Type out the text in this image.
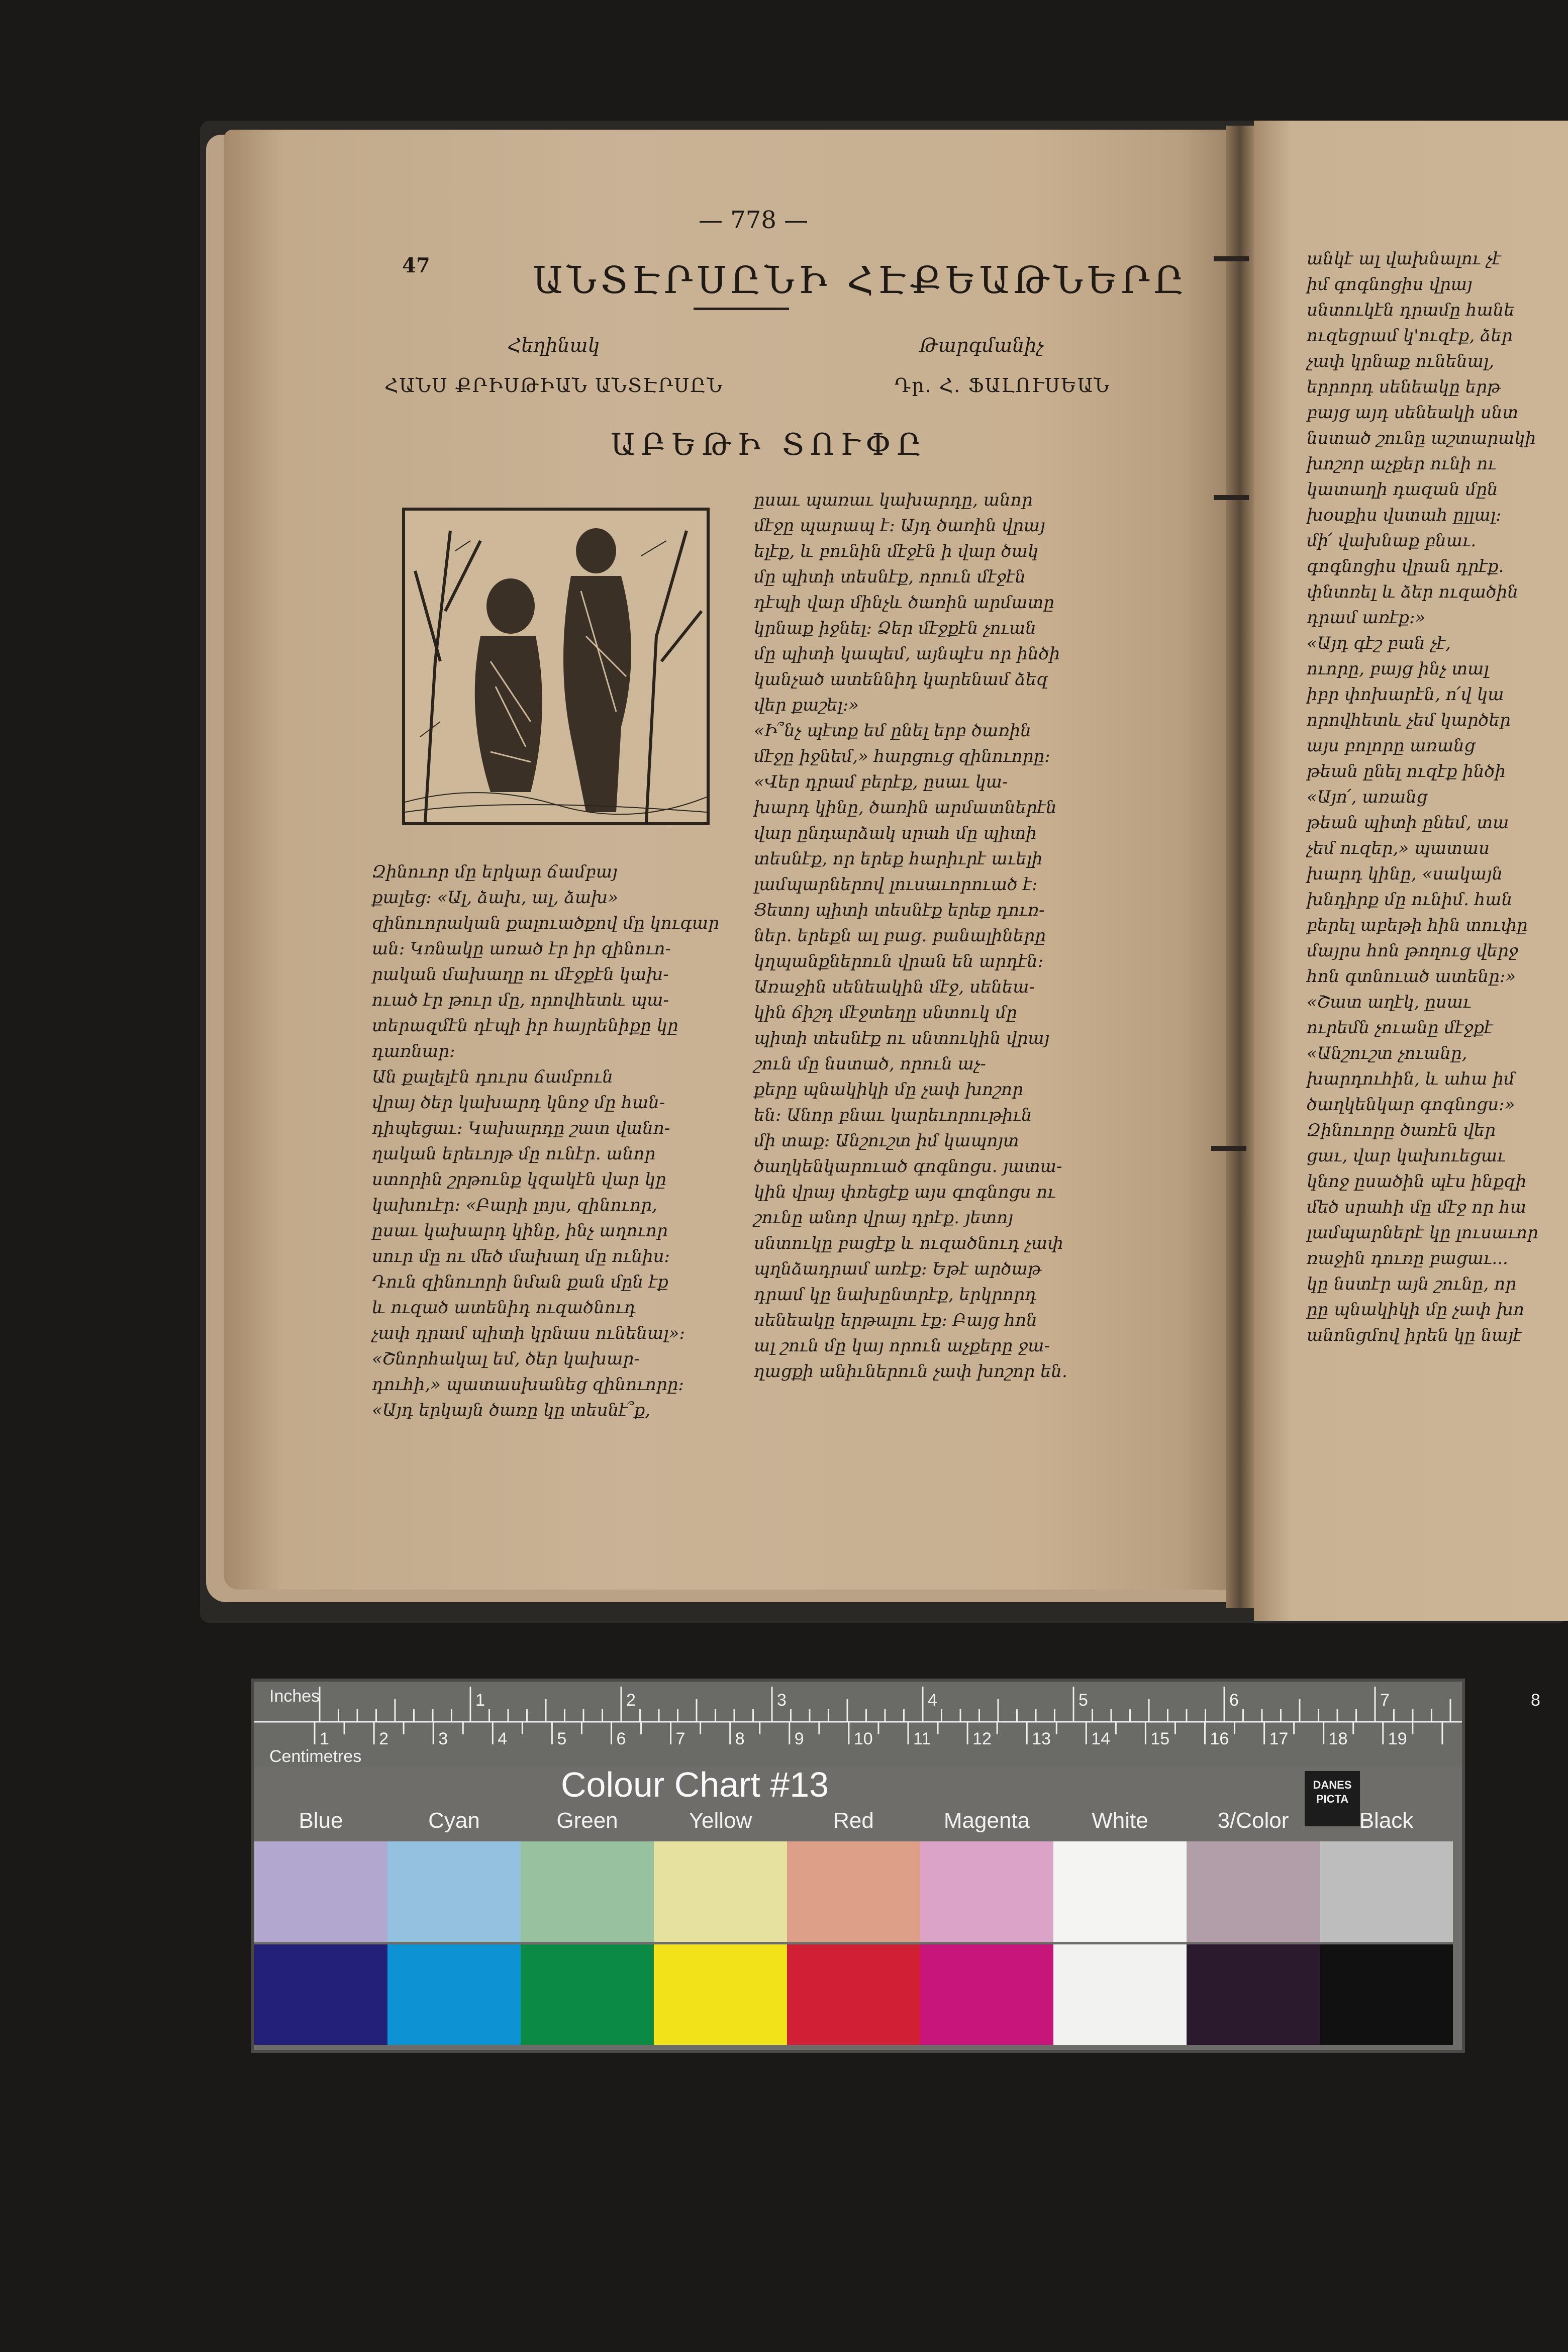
— 778 —
47	ԱՆՏԷՐՍԸՆԻ ՀԷՔԵԱԹՆԵՐԸ
Հեղինակ	Թարգմանիչ
ՀԱՆՍ ՔՐԻՍԹԻԱՆ ԱՆՏԷՐՍԸՆ	Դր. Հ. ՖԱԼՈՒՍԵԱՆ
ԱԲԵԹԻ ՏՈՒՓԸ
Զինուոր մը երկար ճամբայ
քալեց: «Ալ, ձախ, ալ, ձախ»
զինուորական քալուածքով մը կուգար
ան: Կռնակը առած էր իր զինուո-
րական մախաղը ու մէջքէն կախ-
ուած էր թուր մը, որովհետև պա-
տերազմէն դէպի իր հայրենիքը կը
դառնար:
Ան քալելէն դուրս ճամբուն
վրայ ծեր կախարդ կնոջ մը հան-
դիպեցաւ: Կախարդը շատ վանո-
ղական երեւոյթ մը ունէր. անոր
ստորին շրթունք կզակէն վար կը
կախուէր: «Բարի լոյս, զինուոր,
ըսաւ կախարդ կինը, ինչ աղուոր
սուր մը ու մեծ մախաղ մը ունիս:
Դուն զինուորի նման քան մըն էք
և ուզած ատենիդ ուզածնուդ
չափ դրամ պիտի կրնաս ունենալ»:
«Շնորհակալ եմ, ծեր կախար-
դուհի,» պատասխանեց զինուորը:
«Այդ երկայն ծառը կը տեսնէ՞ք,
ըսաւ պառաւ կախարդը, անոր
մէջը պարապ է: Այդ ծառին վրայ
ելէք, և բունին մէջէն ի վար ծակ
մը պիտի տեսնէք, որուն մէջէն
դէպի վար մինչև ծառին արմատը
կրնաք իջնել: Ձեր մէջքէն չուան
մը պիտի կապեմ, այնպէս որ ինծի
կանչած ատեննիդ կարենամ ձեզ
վեր քաշել:»
«Ի՞նչ պէտք եմ ընել երբ ծառին
մէջը իջնեմ,» հարցուց զինուորը:
«Վեր դրամ բերէք, ըսաւ կա-
խարդ կինը, ծառին արմատներէն
վար ընդարձակ սրահ մը պիտի
տեսնէք, որ երեք հարիւրէ աւելի
լամպարներով լուսաւորուած է:
Ցետոյ պիտի տեսնէք երեք դուռ-
ներ. երեքն ալ բաց. բանալիները
կղպանքներուն վրան են արդէն:
Առաջին սենեակին մէջ, սենեա-
կին ճիշդ մէջտեղը սնտուկ մը
պիտի տեսնէք ու սնտուկին վրայ
շուն մը նստած, որուն աչ-
քերը պնակիկի մը չափ խոշոր
են: Անոր բնաւ կարեւորութիւն
մի տաք: Անշուշտ իմ կապոյտ
ծաղկենկարուած գոգնոցս. յատա-
կին վրայ փռեցէք այս գոգնոցս ու
շունը անոր վրայ դրէք. յետոյ
սնտուկը բացէք և ուզածնուդ չափ
պղնձադրամ առէք: Եթէ արծաթ
դրամ կը նախընտրէք, երկրորդ
սենեակը երթալու էք: Բայց հոն
ալ շուն մը կայ որուն աչքերը ջա-
ղացքի անիւներուն չափ խոշոր են.
անկէ ալ վախնալու չէ
իմ գոգնոցիս վրայ
սնտուկէն դրամը հանե
ուզեցրամ կ'ուզէք, ձեր
չափ կրնաք ունենալ,
երրորդ սենեակը երթ
բայց այդ սենեակի սնտ
նստած շունը աշտարակի
խոշոր աչքեր ունի ու
կատաղի դազան մըն
խօսքիս վստահ ըլլալ:
մի՛ վախնաք բնաւ.
գոգնոցիս վրան դրէք.
փնտռել և ձեր ուզածին
դրամ առէք:»
«Այդ գէշ բան չէ,
ուորը, բայց ինչ տալ
իբր փոխարէն, ո՛վ կա
որովհետև չեմ կարծեր
այս բոլորը առանց
թեան ընել ուզէք ինծի
«Այո՛, առանց
թեան պիտի ընեմ, տա
չեմ ուզեր,» պատաս
խարդ կինը, «սակայն
խնդիրք մը ունիմ. հան
բերել աբեթի հին տուփը
մայրս հոն թողուց վերջ
հոն գտնուած ատենը:»
«Շատ աղէկ, ըսաւ
ուրեմն չուանը մէջքէ
«Անշուշտ չուանը,
խարդուհին, և ահա իմ
ծաղկենկար գոգնոցս:»
Զինուորը ծառէն վեր
ցաւ, վար կախուեցաւ
կնոջ ըսածին պէս ինքզի
մեծ սրահի մը մէջ որ հա
լամպարներէ կը լուսաւոր
ռաջին դուռը բացաւ...
կը նստէր այն շունը, որ
ըը պնակիկի մը չափ խո
անոնցմով իրեն կը նայէ
1	2	3	4	5	6	7	8
1	2	3	4	5	6	7	8	9	10 11 12 13 14 15 16 17 18 19
Inches
Centimetres
Colour Chart #13	DANES
PICTA
Blue	Cyan	Green	Yellow	Red	Magenta	White	3/Color	Black
